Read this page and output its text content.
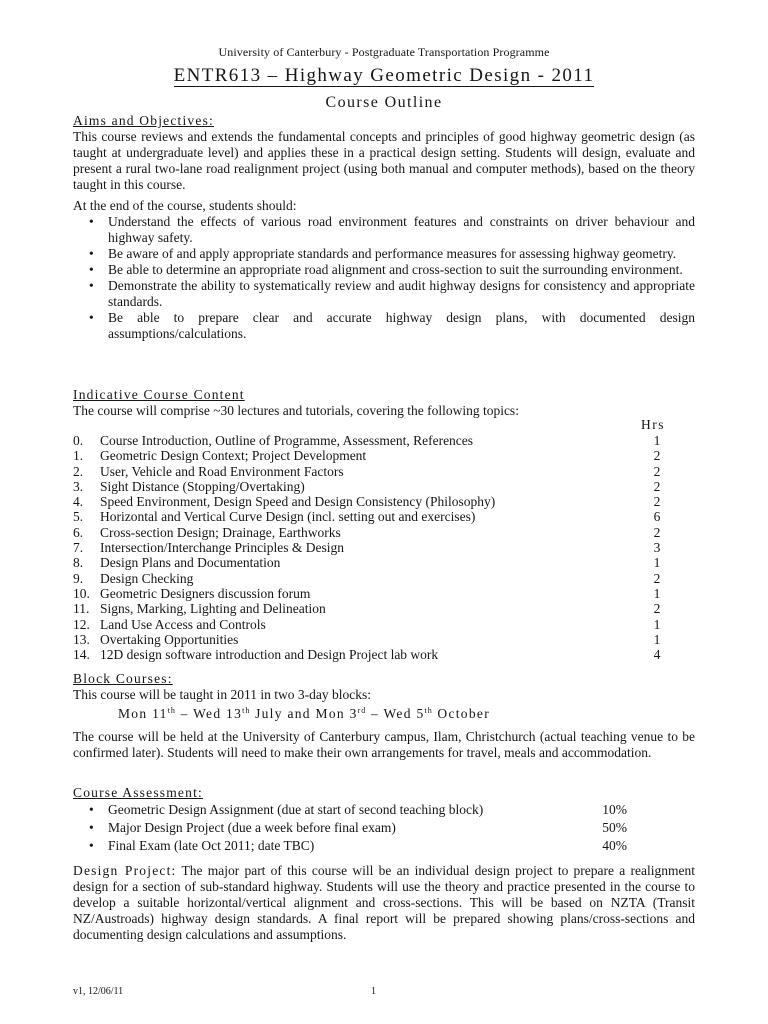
University of Canterbury - Postgraduate Transportation Programme
ENTR613 – Highway Geometric Design - 2011
Course Outline
Aims and Objectives:
This course reviews and extends the fundamental concepts and principles of good highway geometric design (as taught at undergraduate level) and applies these in a practical design setting. Students will design, evaluate and present a rural two-lane road realignment project (using both manual and computer methods), based on the theory taught in this course.
At the end of the course, students should:
• Understand the effects of various road environment features and constraints on driver behaviour and highway safety.
• Be aware of and apply appropriate standards and performance measures for assessing highway geometry.
• Be able to determine an appropriate road alignment and cross-section to suit the surrounding environment.
• Demonstrate the ability to systematically review and audit highway designs for consistency and appropriate standards.
• Be able to prepare clear and accurate highway design plans, with documented design assumptions/calculations.
Indicative Course Content
The course will comprise ~30 lectures and tutorials, covering the following topics:
Hrs
0. Course Introduction, Outline of Programme, Assessment, References	1
1. Geometric Design Context; Project Development	2
2. User, Vehicle and Road Environment Factors	2
3. Sight Distance (Stopping/Overtaking)	2
4. Speed Environment, Design Speed and Design Consistency (Philosophy)	2
5. Horizontal and Vertical Curve Design (incl. setting out and exercises)	6
6. Cross-section Design; Drainage, Earthworks	2
7. Intersection/Interchange Principles & Design	3
8. Design Plans and Documentation	1
9. Design Checking	2
10. Geometric Designers discussion forum	1
11. Signs, Marking, Lighting and Delineation	2
12. Land Use Access and Controls	1
13. Overtaking Opportunities	1
14. 12D design software introduction and Design Project lab work	4
Block Courses:
This course will be taught in 2011 in two 3-day blocks:
Mon 11th – Wed 13th July and Mon 3rd – Wed 5th October
The course will be held at the University of Canterbury campus, Ilam, Christchurch (actual teaching venue to be confirmed later). Students will need to make their own arrangements for travel, meals and accommodation.
Course Assessment:
• Geometric Design Assignment (due at start of second teaching block)	10%
• Major Design Project (due a week before final exam)	50%
• Final Exam (late Oct 2011; date TBC)	40%
Design Project: The major part of this course will be an individual design project to prepare a realignment design for a section of sub-standard highway. Students will use the theory and practice presented in the course to develop a suitable horizontal/vertical alignment and cross-sections. This will be based on NZTA (Transit NZ/Austroads) highway design standards. A final report will be prepared showing plans/cross-sections and documenting design calculations and assumptions.
v1, 12/06/11	1
